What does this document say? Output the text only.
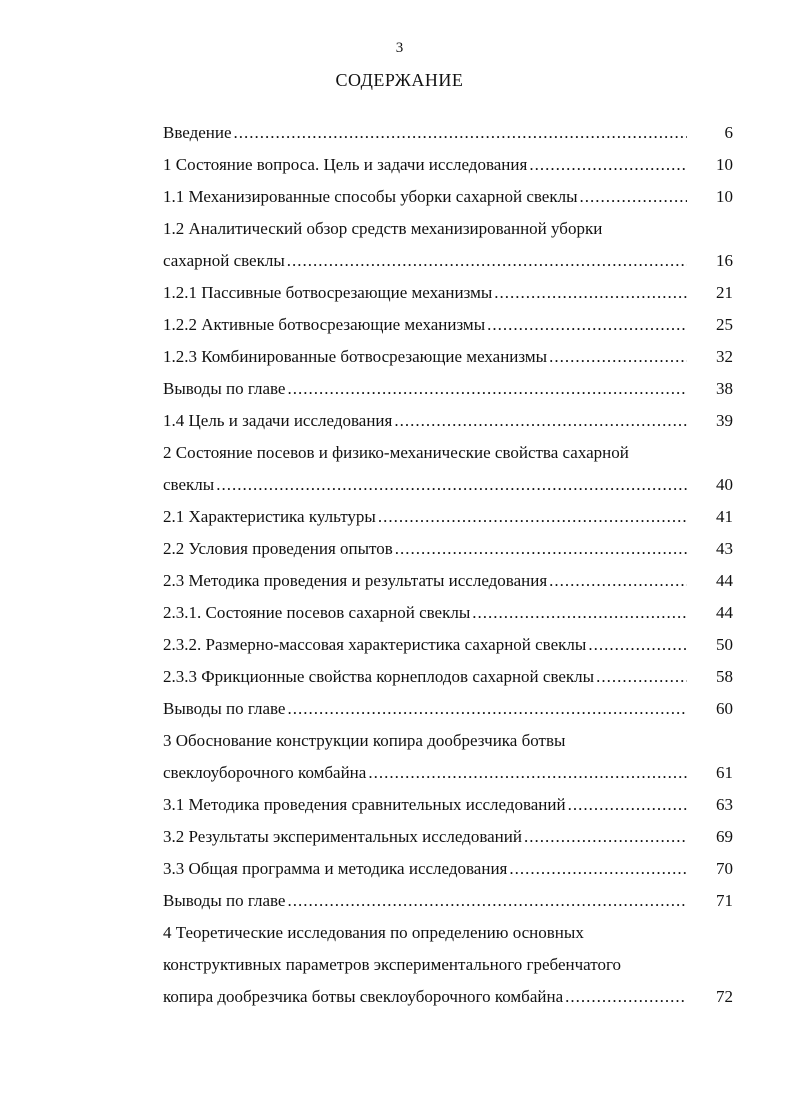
3
СОДЕРЖАНИЕ
Введение .....	6
1 Состояние вопроса. Цель и задачи исследования .....	10
1.1 Механизированные способы уборки сахарной свеклы .....	10
1.2 Аналитический обзор средств механизированной уборки
сахарной свеклы .....	16
1.2.1 Пассивные ботвосрезающие механизмы .....	21
1.2.2 Активные ботвосрезающие механизмы .....	25
1.2.3 Комбинированные ботвосрезающие механизмы .....	32
Выводы по главе .....	38
1.4 Цель и задачи исследования .....	39
2 Состояние посевов и физико-механические свойства сахарной
свеклы .....	40
2.1 Характеристика культуры .....	41
2.2 Условия проведения опытов .....	43
2.3 Методика проведения и результаты исследования .....	44
2.3.1. Состояние посевов сахарной свеклы .....	44
2.3.2. Размерно-массовая характеристика сахарной свеклы .....	50
2.3.3 Фрикционные свойства корнеплодов сахарной свеклы .....	58
Выводы по главе .....	60
3 Обоснование конструкции копира дообрезчика ботвы
свеклоуборочного комбайна .....	61
3.1 Методика проведения сравнительных исследований .....	63
3.2 Результаты экспериментальных исследований .....	69
3.3 Общая программа и методика исследования .....	70
Выводы по главе .....	71
4 Теоретические исследования по определению основных
конструктивных параметров экспериментального гребенчатого
копира дообрезчика ботвы свеклоуборочного комбайна .....	72
